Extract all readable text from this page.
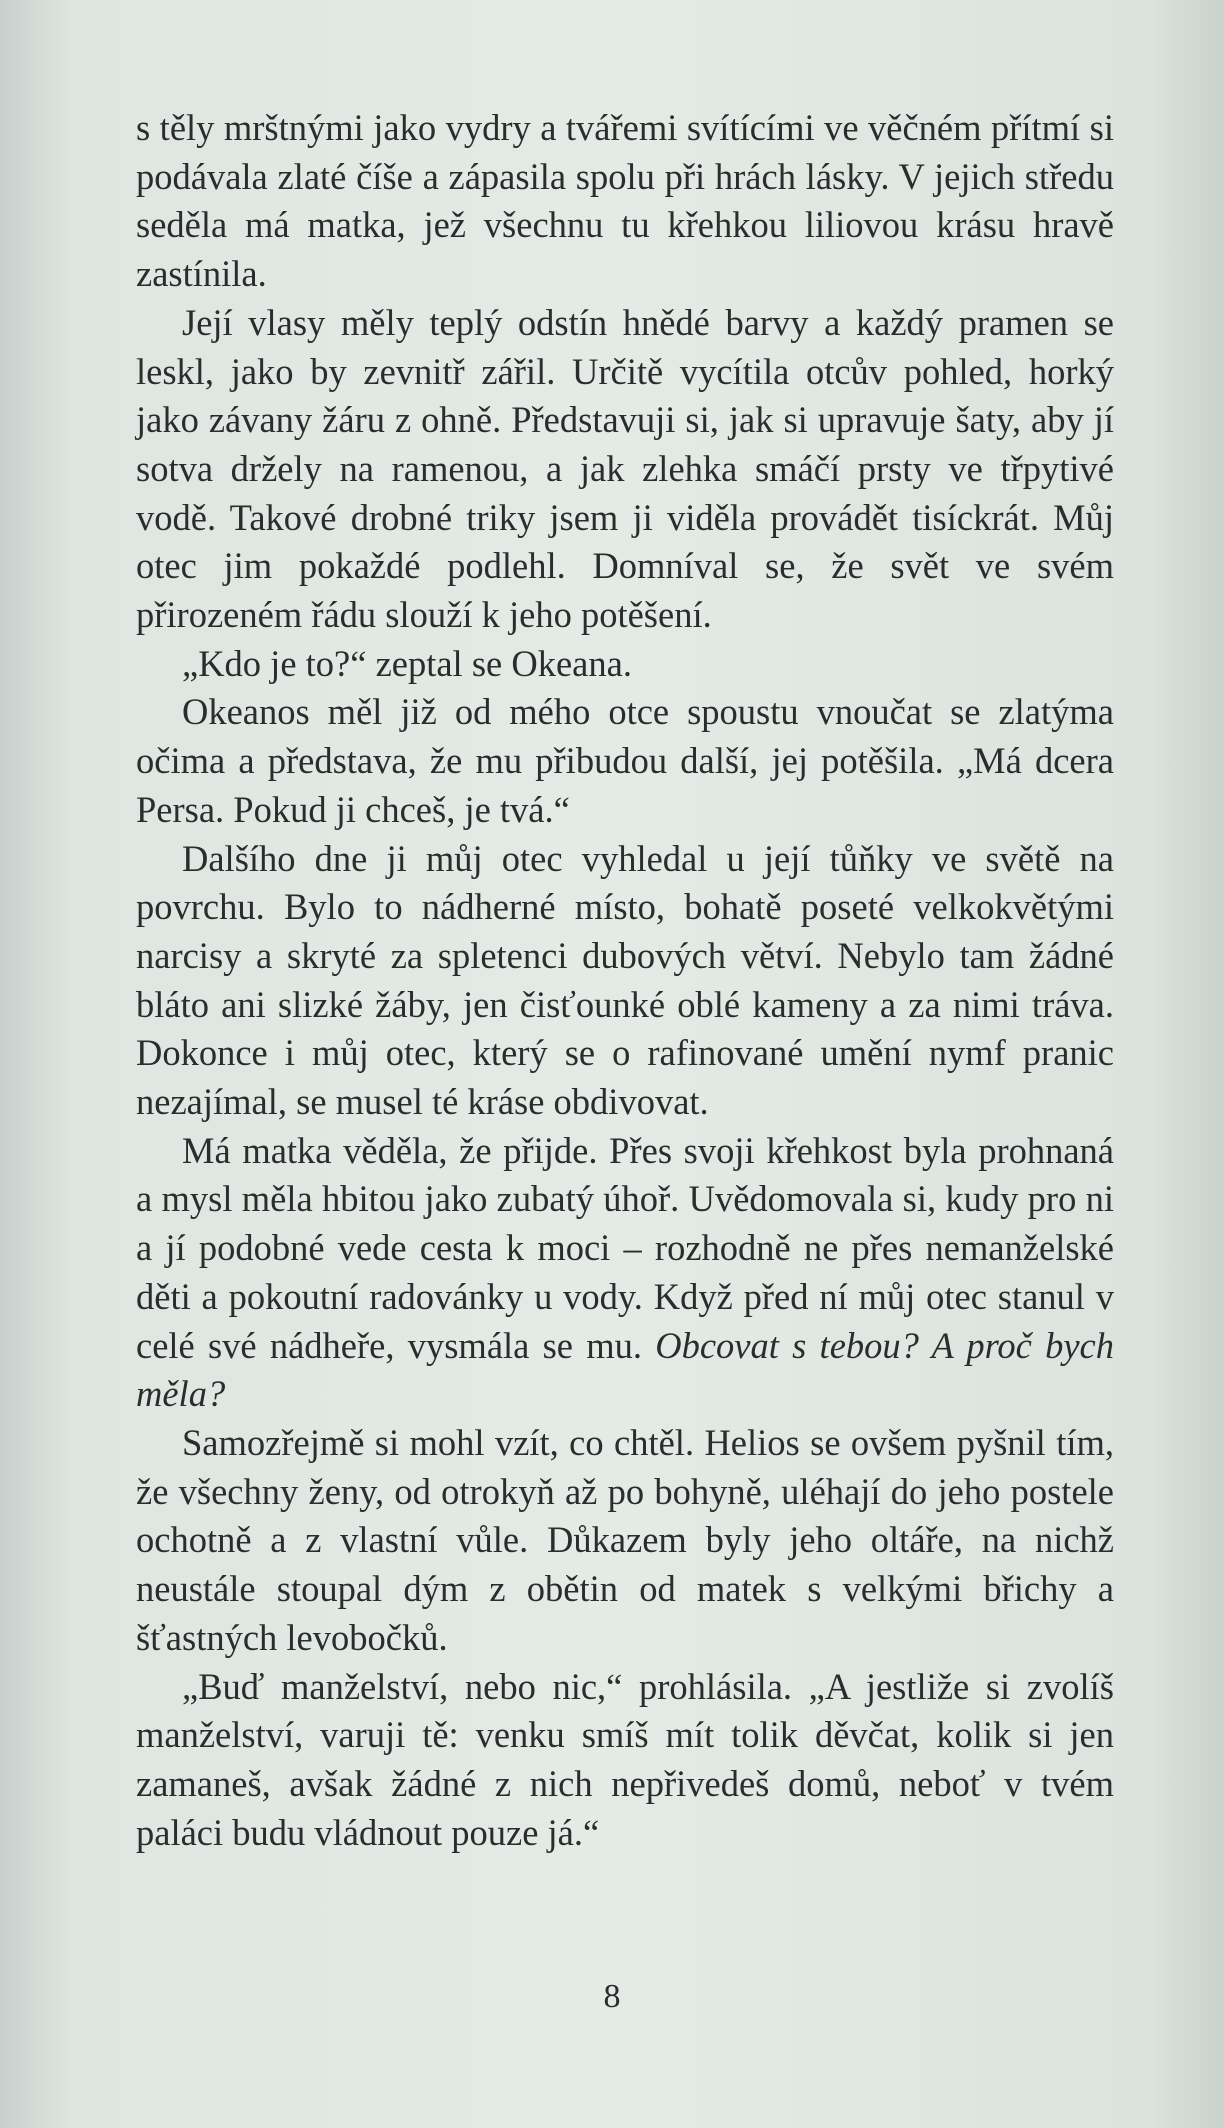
s těly mrštnými jako vydry a tvářemi svítícími ve věčném přítmí si podávala zlaté číše a zápasila spolu při hrách lásky. V jejich středu seděla má matka, jež všechnu tu křehkou liliovou krásu hravě zastínila.

Její vlasy měly teplý odstín hnědé barvy a každý pramen se leskl, jako by zevnitř zářil. Určitě vycítila otcův pohled, horký jako závany žáru z ohně. Představuji si, jak si upravuje šaty, aby jí sotva držely na ramenou, a jak zlehka smáčí prsty ve třpytivé vodě. Takové drobné triky jsem ji viděla provádět tisíckrát. Můj otec jim pokaždé podlehl. Domníval se, že svět ve svém přirozeném řádu slouží k jeho potěšení.

„Kdo je to?“ zeptal se Okeana.

Okeanos měl již od mého otce spoustu vnoučat se zlatýma očima a představa, že mu přibudou další, jej potěšila. „Má dcera Persa. Pokud ji chceš, je tvá.“

Dalšího dne ji můj otec vyhledal u její tůňky ve světě na povrchu. Bylo to nádherné místo, bohatě poseté velkokvětými narcisy a skryté za spletenci dubových větví. Nebylo tam žádné bláto ani slizké žáby, jen čisťounké oblé kameny a za nimi tráva. Dokonce i můj otec, který se o rafinované umění nymf pranic nezajímal, se musel té kráse obdivovat.

Má matka věděla, že přijde. Přes svoji křehkost byla prohnaná a mysl měla hbitou jako zubatý úhoř. Uvědomovala si, kudy pro ni a jí podobné vede cesta k moci – rozhodně ne přes nemanželské děti a pokoutní radovánky u vody. Když před ní můj otec stanul v celé své nádheře, vysmála se mu. Obcovat s tebou? A proč bych měla?

Samozřejmě si mohl vzít, co chtěl. Helios se ovšem pyšnil tím, že všechny ženy, od otrokyň až po bohyně, uléhají do jeho postele ochotně a z vlastní vůle. Důkazem byly jeho oltáře, na nichž neustále stoupal dým z obětin od matek s velkými břichy a šťastných levobočků.

„Buď manželství, nebo nic,“ prohlásila. „A jestliže si zvolíš manželství, varuji tě: venku smíš mít tolik děvčat, kolik si jen zamaneš, avšak žádné z nich nepřivedeš domů, neboť v tvém paláci budu vládnout pouze já.“

8
